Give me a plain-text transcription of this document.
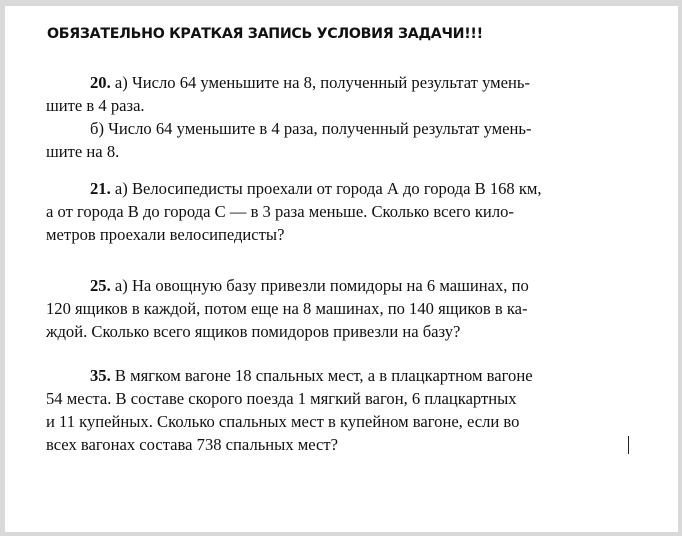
ОБЯЗАТЕЛЬНО КРАТКАЯ ЗАПИСЬ УСЛОВИЯ ЗАДАЧИ!!!
20. а) Число 64 уменьшите на 8, полученный результат умень-
шите в 4 раза.
б) Число 64 уменьшите в 4 раза, полученный результат умень-
шите на 8.
21. а) Велосипедисты проехали от города А до города В 168 км,
а от города В до города С — в 3 раза меньше. Сколько всего кило-
метров проехали велосипедисты?
25. а) На овощную базу привезли помидоры на 6 машинах, по
120 ящиков в каждой, потом еще на 8 машинах, по 140 ящиков в ка-
ждой. Сколько всего ящиков помидоров привезли на базу?
35. В мягком вагоне 18 спальных мест, а в плацкартном вагоне
54 места. В составе скорого поезда 1 мягкий вагон, 6 плацкартных
и 11 купейных. Сколько спальных мест в купейном вагоне, если во
всех вагонах состава 738 спальных мест?
